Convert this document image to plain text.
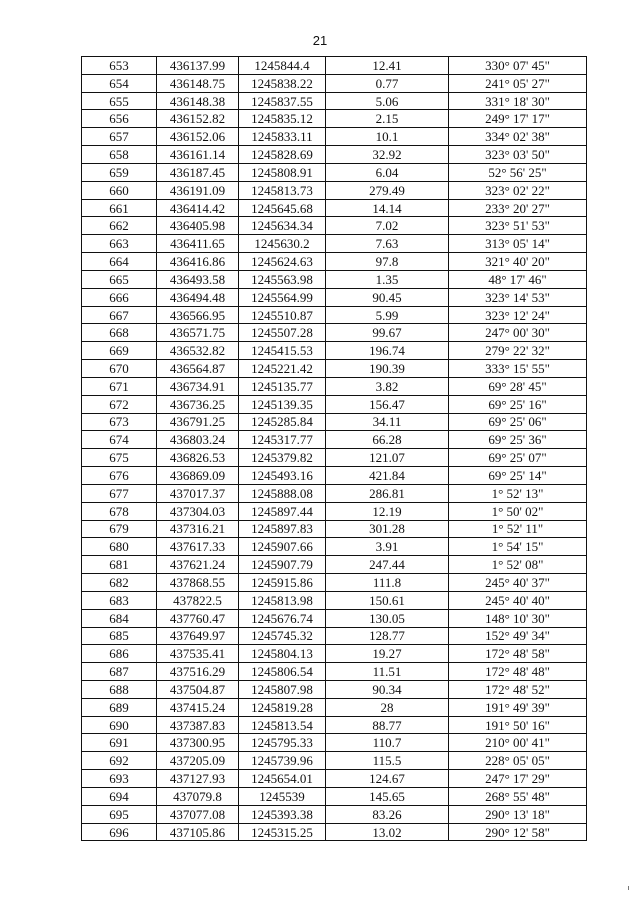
21
653	436137.99	1245844.4	12.41	330° 07' 45"
654	436148.75	1245838.22	0.77	241° 05' 27"
655	436148.38	1245837.55	5.06	331° 18' 30"
656	436152.82	1245835.12	2.15	249° 17' 17"
657	436152.06	1245833.11	10.1	334° 02' 38"
658	436161.14	1245828.69	32.92	323° 03' 50"
659	436187.45	1245808.91	6.04	52° 56' 25"
660	436191.09	1245813.73	279.49	323° 02' 22"
661	436414.42	1245645.68	14.14	233° 20' 27"
662	436405.98	1245634.34	7.02	323° 51' 53"
663	436411.65	1245630.2	7.63	313° 05' 14"
664	436416.86	1245624.63	97.8	321° 40' 20"
665	436493.58	1245563.98	1.35	48° 17' 46"
666	436494.48	1245564.99	90.45	323° 14' 53"
667	436566.95	1245510.87	5.99	323° 12' 24"
668	436571.75	1245507.28	99.67	247° 00' 30"
669	436532.82	1245415.53	196.74	279° 22' 32"
670	436564.87	1245221.42	190.39	333° 15' 55"
671	436734.91	1245135.77	3.82	69° 28' 45"
672	436736.25	1245139.35	156.47	69° 25' 16"
673	436791.25	1245285.84	34.11	69° 25' 06"
674	436803.24	1245317.77	66.28	69° 25' 36"
675	436826.53	1245379.82	121.07	69° 25' 07"
676	436869.09	1245493.16	421.84	69° 25' 14"
677	437017.37	1245888.08	286.81	1° 52' 13"
678	437304.03	1245897.44	12.19	1° 50' 02"
679	437316.21	1245897.83	301.28	1° 52' 11"
680	437617.33	1245907.66	3.91	1° 54' 15"
681	437621.24	1245907.79	247.44	1° 52' 08"
682	437868.55	1245915.86	111.8	245° 40' 37"
683	437822.5	1245813.98	150.61	245° 40' 40"
684	437760.47	1245676.74	130.05	148° 10' 30"
685	437649.97	1245745.32	128.77	152° 49' 34"
686	437535.41	1245804.13	19.27	172° 48' 58"
687	437516.29	1245806.54	11.51	172° 48' 48"
688	437504.87	1245807.98	90.34	172° 48' 52"
689	437415.24	1245819.28	28	191° 49' 39"
690	437387.83	1245813.54	88.77	191° 50' 16"
691	437300.95	1245795.33	110.7	210° 00' 41"
692	437205.09	1245739.96	115.5	228° 05' 05"
693	437127.93	1245654.01	124.67	247° 17' 29"
694	437079.8	1245539	145.65	268° 55' 48"
695	437077.08	1245393.38	83.26	290° 13' 18"
696	437105.86	1245315.25	13.02	290° 12' 58"
